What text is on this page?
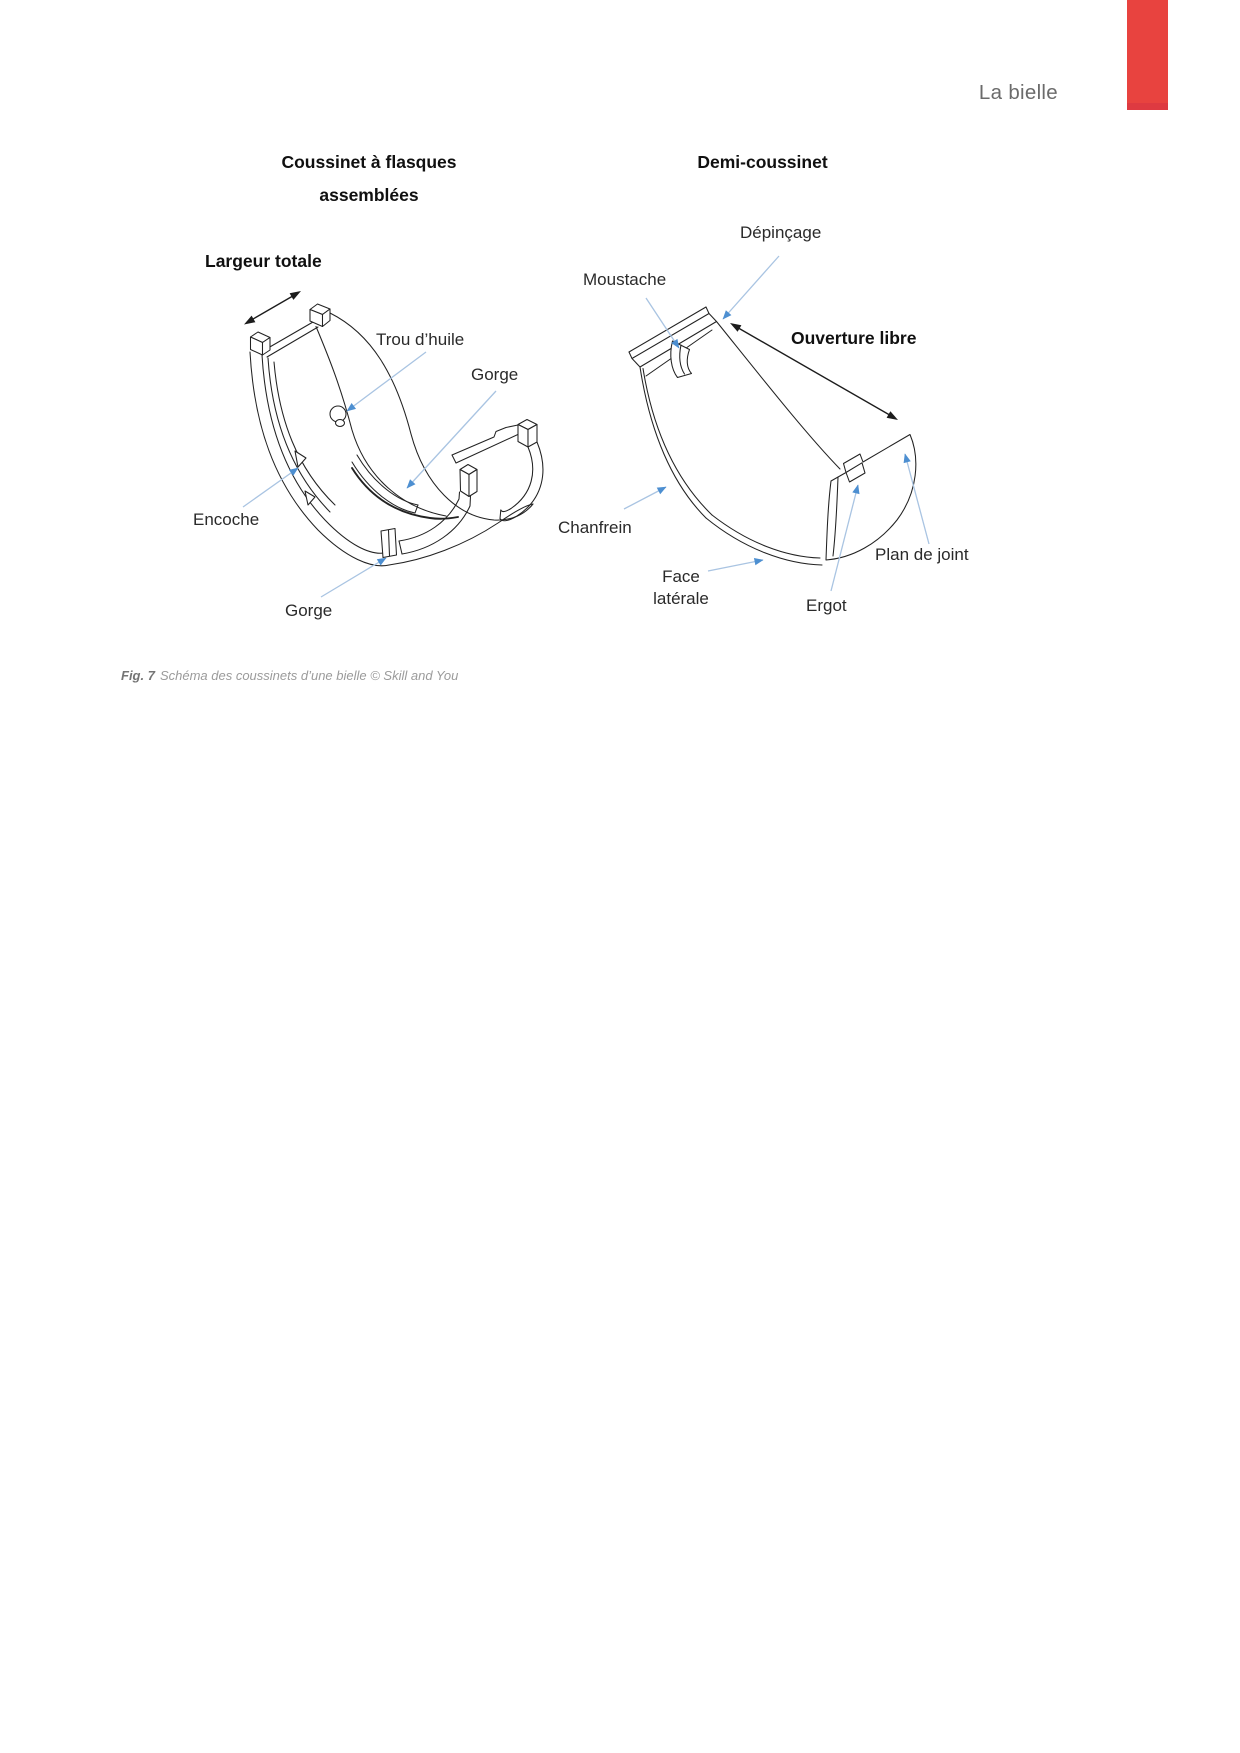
La bielle
Coussinet à flasques
assemblées
Demi-coussinet
Largeur totale
Trou d’huile
Gorge
Encoche
Gorge
Dépinçage
Moustache
Ouverture libre
Chanfrein
Face
latérale	Ergot
Plan de joint
Fig. 7 Schéma des coussinets d’une bielle © Skill and You
